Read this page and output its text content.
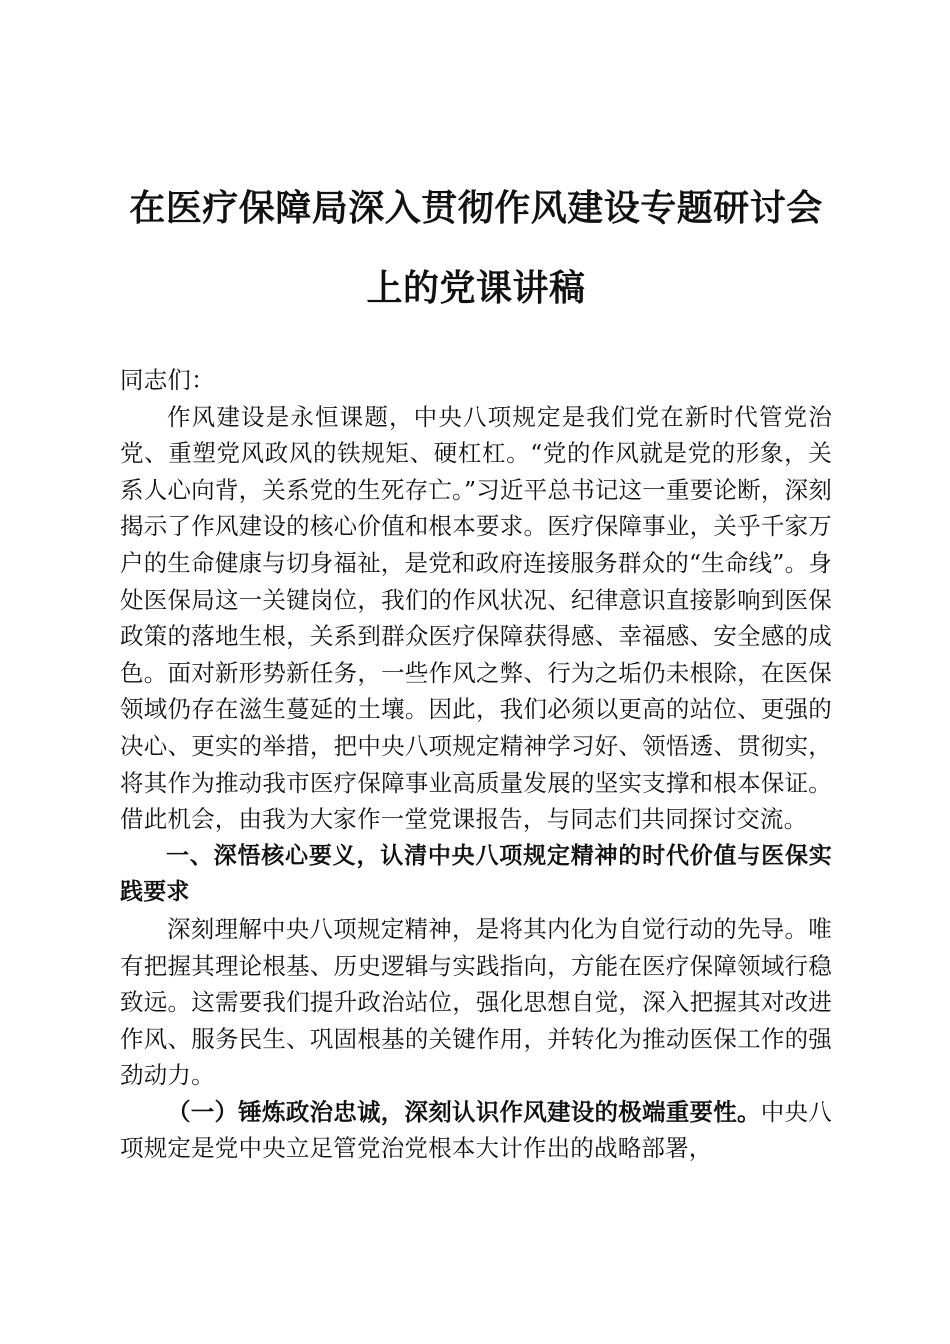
在医疗保障局深入贯彻作风建设专题研讨会上的党课讲稿

同志们：

作风建设是永恒课题，中央八项规定是我们党在新时代管党治党、重塑党风政风的铁规矩、硬杠杠。“党的作风就是党的形象，关系人心向背，关系党的生死存亡。”习近平总书记这一重要论断，深刻揭示了作风建设的核心价值和根本要求。医疗保障事业，关乎千家万户的生命健康与切身福祉，是党和政府连接服务群众的“生命线”。身处医保局这一关键岗位，我们的作风状况、纪律意识直接影响到医保政策的落地生根，关系到群众医疗保障获得感、幸福感、安全感的成色。面对新形势新任务，一些作风之弊、行为之垢仍未根除，在医保领域仍存在滋生蔓延的土壤。因此，我们必须以更高的站位、更强的决心、更实的举措，把中央八项规定精神学习好、领悟透、贯彻实，将其作为推动我市医疗保障事业高质量发展的坚实支撑和根本保证。借此机会，由我为大家作一堂党课报告，与同志们共同探讨交流。

一、深悟核心要义，认清中央八项规定精神的时代价值与医保实践要求

深刻理解中央八项规定精神，是将其内化为自觉行动的先导。唯有把握其理论根基、历史逻辑与实践指向，方能在医疗保障领域行稳致远。这需要我们提升政治站位，强化思想自觉，深入把握其对改进作风、服务民生、巩固根基的关键作用，并转化为推动医保工作的强劲动力。

（一）锤炼政治忠诚，深刻认识作风建设的极端重要性。中央八项规定是党中央立足管党治党根本大计作出的战略部署，
